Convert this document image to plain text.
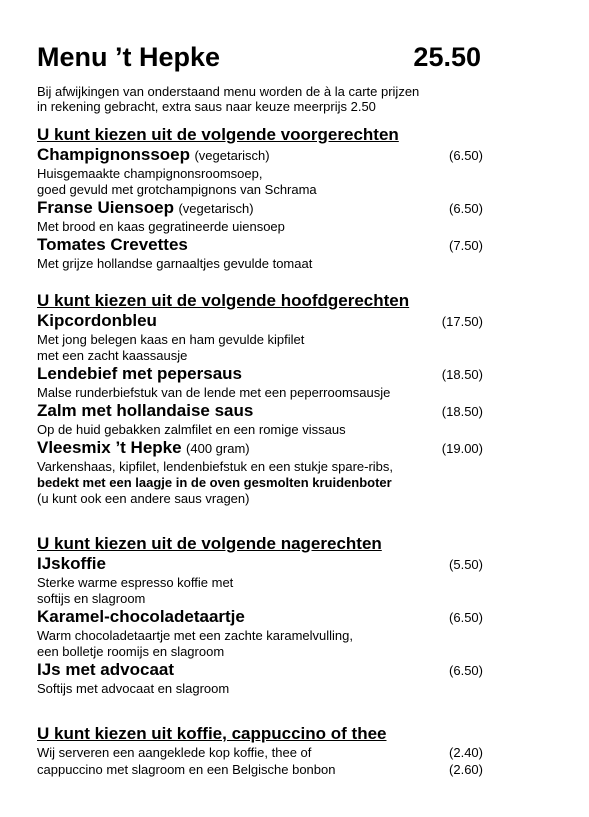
Menu ’t Hepke	25.50
Bij afwijkingen van onderstaand menu worden de à la carte prijzen
in rekening gebracht, extra saus naar keuze meerprijs 2.50
U kunt kiezen uit de volgende voorgerechten
Champignonssoep (vegetarisch)	(6.50)
Huisgemaakte champignonsroomsoep,
goed gevuld met grotchampignons van Schrama
Franse Uiensoep (vegetarisch)	(6.50)
Met brood en kaas gegratineerde uiensoep
Tomates Crevettes	(7.50)
Met grijze hollandse garnaaltjes gevulde tomaat
U kunt kiezen uit de volgende hoofdgerechten
Kipcordonbleu	(17.50)
Met jong belegen kaas en ham gevulde kipfilet
met een zacht kaassausje
Lendebief met pepersaus	(18.50)
Malse runderbiefstuk van de lende met een peperroomsausje
Zalm met hollandaise saus	(18.50)
Op de huid gebakken zalmfilet en een romige vissaus
Vleesmix ’t Hepke (400 gram)	(19.00)
Varkenshaas, kipfilet, lendenbiefstuk en een stukje spare-ribs,
bedekt met een laagje in de oven gesmolten kruidenboter
(u kunt ook een andere saus vragen)
U kunt kiezen uit de volgende nagerechten
IJskoffie	(5.50)
Sterke warme espresso koffie met
softijs en slagroom
Karamel-chocoladetaartje	(6.50)
Warm chocoladetaartje met een zachte karamelvulling,
een bolletje roomijs en slagroom
IJs met advocaat	(6.50)
Softijs met advocaat en slagroom
U kunt kiezen uit koffie, cappuccino of thee
Wij serveren een aangeklede kop koffie, thee of	(2.40)
cappuccino met slagroom en een Belgische bonbon	(2.60)
